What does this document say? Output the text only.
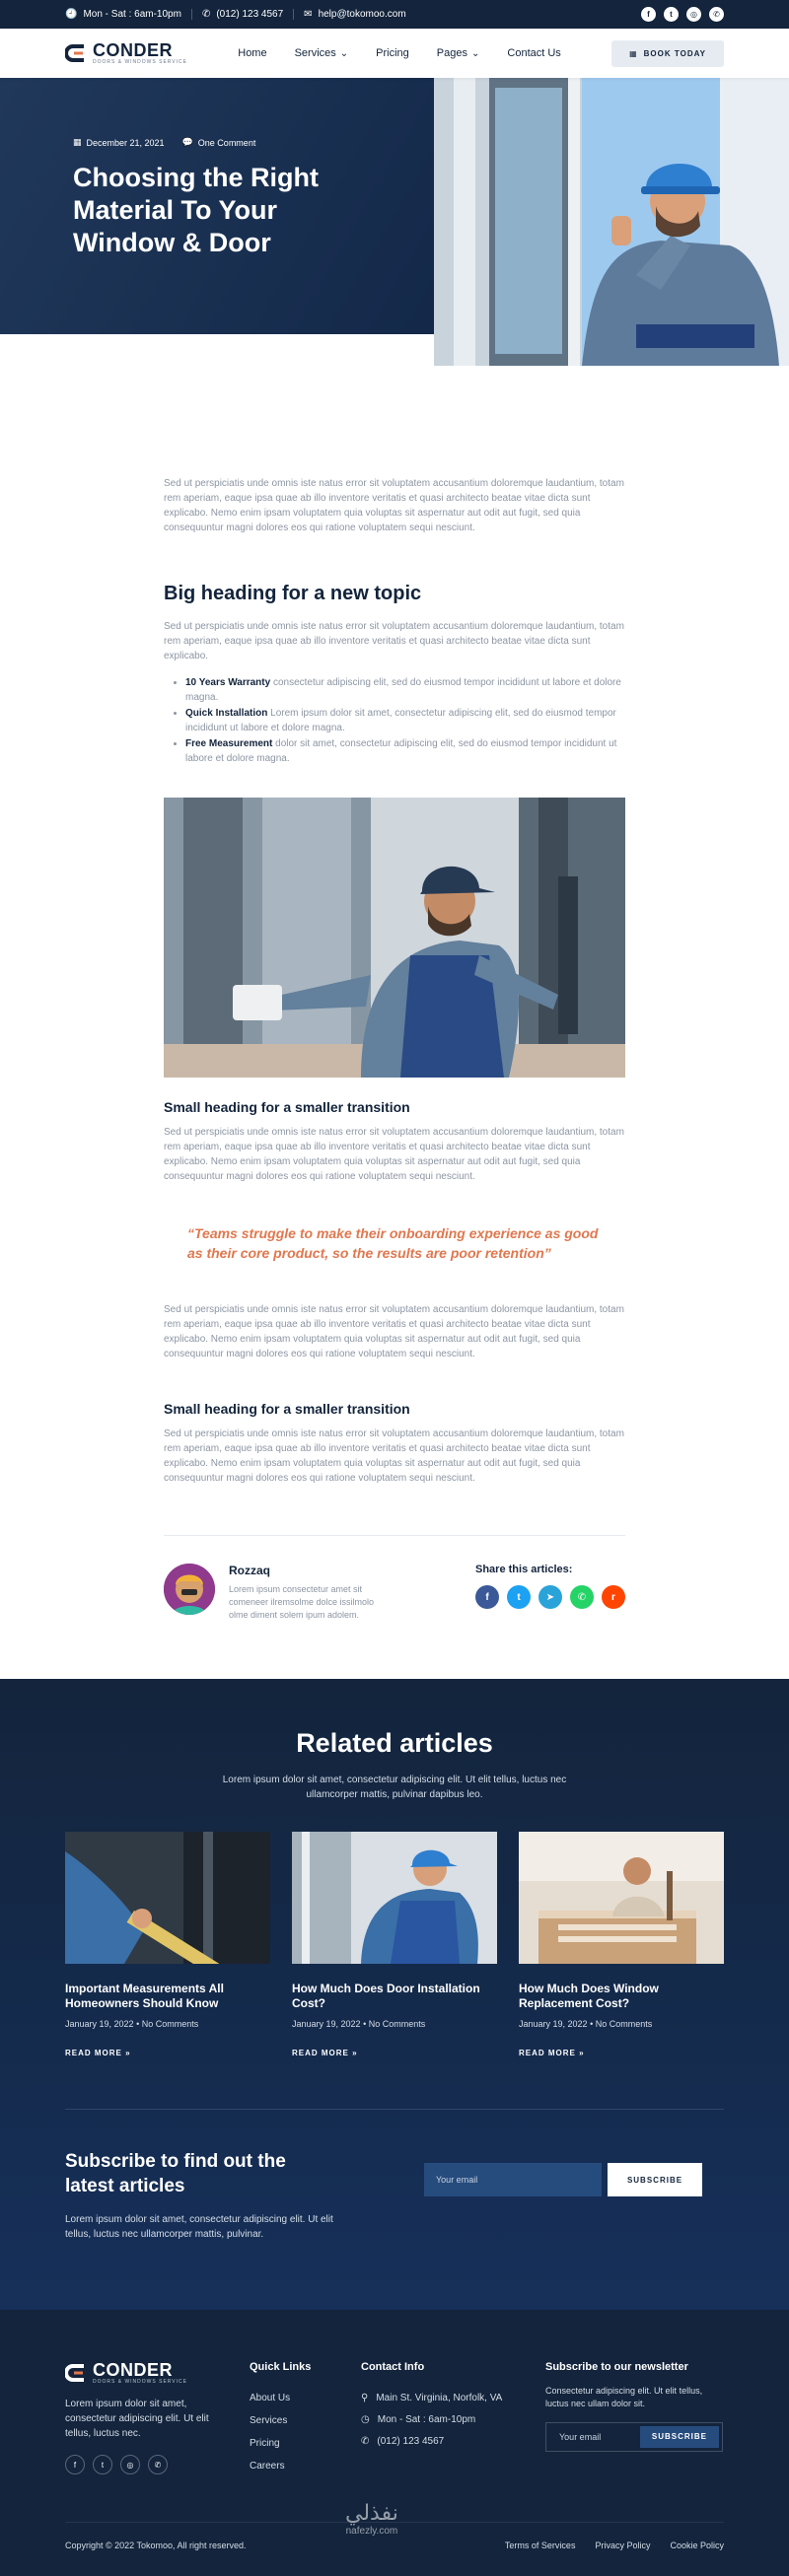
🕘 Mon - Sat : 6am-10pm ✆ (012) 123 4567 ✉ help@tokomoo.com	f	t	◎	✆
CONDER
DOORS & WINDOWS SERVICE
Home	Services ⌄	Pricing	Pages ⌄	Contact Us	▦ BOOK TODAY
▦ December 21, 2021 💬 One Comment
Choosing the Right Material To Your Window & Door

Sed ut perspiciatis unde omnis iste natus error sit voluptatem accusantium doloremque laudantium, totam rem aperiam, eaque ipsa quae ab illo inventore veritatis et quasi architecto beatae vitae dicta sunt explicabo. Nemo enim ipsam voluptatem quia voluptas sit aspernatur aut odit aut fugit, sed quia consequuntur magni dolores eos qui ratione voluptatem sequi nesciunt.

Big heading for a new topic

Sed ut perspiciatis unde omnis iste natus error sit voluptatem accusantium doloremque laudantium, totam rem aperiam, eaque ipsa quae ab illo inventore veritatis et quasi architecto beatae vitae dicta sunt explicabo.

• 10 Years Warranty consectetur adipiscing elit, sed do eiusmod tempor incididunt ut labore et dolore magna.
• Quick Installation Lorem ipsum dolor sit amet, consectetur adipiscing elit, sed do eiusmod tempor incididunt ut labore et dolore magna.
• Free Measurement dolor sit amet, consectetur adipiscing elit, sed do eiusmod tempor incididunt ut labore et dolore magna.
Small heading for a smaller transition

Sed ut perspiciatis unde omnis iste natus error sit voluptatem accusantium doloremque laudantium, totam rem aperiam, eaque ipsa quae ab illo inventore veritatis et quasi architecto beatae vitae dicta sunt explicabo. Nemo enim ipsam voluptatem quia voluptas sit aspernatur aut odit aut fugit, sed quia consequuntur magni dolores eos qui ratione voluptatem sequi nesciunt.

“Teams struggle to make their onboarding experience as good as their core product, so the results are poor retention”

Sed ut perspiciatis unde omnis iste natus error sit voluptatem accusantium doloremque laudantium, totam rem aperiam, eaque ipsa quae ab illo inventore veritatis et quasi architecto beatae vitae dicta sunt explicabo. Nemo enim ipsam voluptatem quia voluptas sit aspernatur aut odit aut fugit, sed quia consequuntur magni dolores eos qui ratione voluptatem sequi nesciunt.

Small heading for a smaller transition

Sed ut perspiciatis unde omnis iste natus error sit voluptatem accusantium doloremque laudantium, totam rem aperiam, eaque ipsa quae ab illo inventore veritatis et quasi architecto beatae vitae dicta sunt explicabo. Nemo enim ipsam voluptatem quia voluptas sit aspernatur aut odit aut fugit, sed quia consequuntur magni dolores eos qui ratione voluptatem sequi nesciunt.

Rozzaq
Lorem ipsum consectetur amet sit comeneer ilremsolme dolce issilmolo olme diment solem ipum adolem.
Share this articles:
f	t	➤	✆	r
Related articles

Lorem ipsum dolor sit amet, consectetur adipiscing elit. Ut elit tellus, luctus nec ullamcorper mattis, pulvinar dapibus leo.

Important Measurements All Homeowners Should Know
January 19, 2022 • No Comments
READ MORE »
How Much Does Door Installation Cost?
January 19, 2022 • No Comments
READ MORE »
How Much Does Window Replacement Cost?
January 19, 2022 • No Comments
READ MORE »
Subscribe to find out the latest articles

Lorem ipsum dolor sit amet, consectetur adipiscing elit. Ut elit tellus, luctus nec ullamcorper mattis, pulvinar.

Your email	SUBSCRIBE
CONDER
DOORS & WINDOWS SERVICE

Lorem ipsum dolor sit amet, consectetur adipiscing elit. Ut elit tellus, luctus nec.

f	t	◎	✆
Quick Links
About Us
Services
Pricing
Careers
Contact Info
⚲ Main St. Virginia, Norfolk, VA
◷ Mon - Sat : 6am-10pm
✆ (012) 123 4567
Subscribe to our newsletter

Consectetur adipiscing elit. Ut elit tellus, luctus nec ullam dolor sit.

Your email	SUBSCRIBE
نفذلي
nafezly.com
Copyright © 2022 Tokomoo, All right reserved.	Terms of Services Privacy Policy Cookie Policy
